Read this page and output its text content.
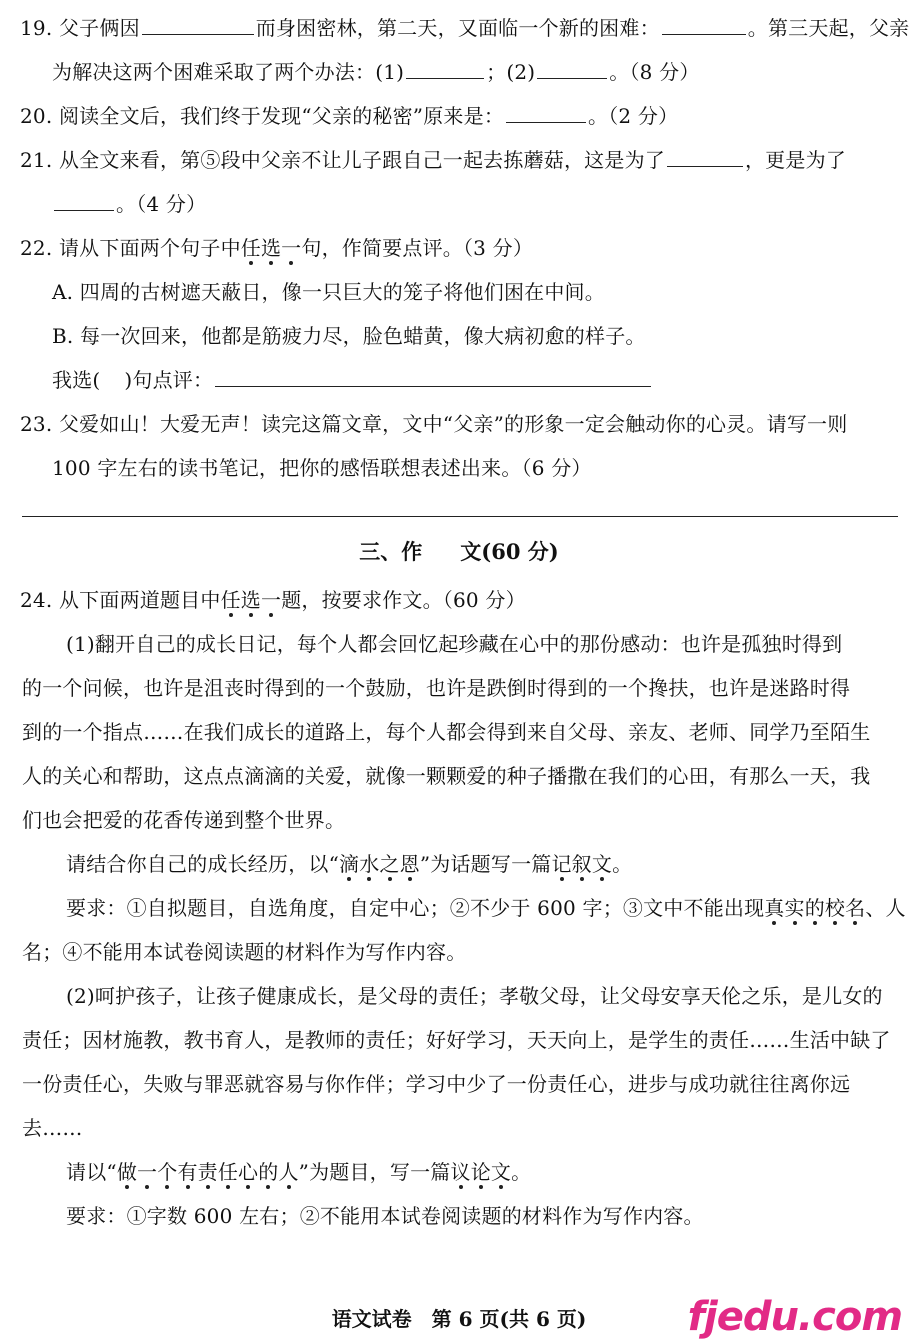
19. 父子俩因	而身困密林，第二天，又面临一个新的困难：	。第三天起，父亲
为解决这两个困难采取了两个办法：(1)	；(2)	。（8 分）
20. 阅读全文后，我们终于发现“父亲的秘密”原来是：	。（2 分）
21. 从全文来看，第⑤段中父亲不让儿子跟自己一起去拣蘑菇，这是为了	，更是为了
。（4 分）
22. 请从下面两个句子中任选一句，作简要点评。（3 分）
A. 四周的古树遮天蔽日，像一只巨大的笼子将他们困在中间。
B. 每一次回来，他都是筋疲力尽，脸色蜡黄，像大病初愈的样子。
我选( )句点评：
23. 父爱如山！大爱无声！读完这篇文章，文中“父亲”的形象一定会触动你的心灵。请写一则
100 字左右的读书笔记，把你的感悟联想表述出来。（6 分）
三、作 文(60 分)
24. 从下面两道题目中任选一题，按要求作文。（60 分）
(1)翻开自己的成长日记，每个人都会回忆起珍藏在心中的那份感动：也许是孤独时得到
的一个问候，也许是沮丧时得到的一个鼓励，也许是跌倒时得到的一个搀扶，也许是迷路时得
到的一个指点……在我们成长的道路上，每个人都会得到来自父母、亲友、老师、同学乃至陌生
人的关心和帮助，这点点滴滴的关爱，就像一颗颗爱的种子播撒在我们的心田，有那么一天，我
们也会把爱的花香传递到整个世界。
请结合你自己的成长经历，以“滴水之恩”为话题写一篇记叙文。
要求：①自拟题目，自选角度，自定中心；②不少于 600 字；③文中不能出现真实的校名、人
名；④不能用本试卷阅读题的材料作为写作内容。
(2)呵护孩子，让孩子健康成长，是父母的责任；孝敬父母，让父母安享天伦之乐，是儿女的
责任；因材施教，教书育人，是教师的责任；好好学习，天天向上，是学生的责任……生活中缺了
一份责任心，失败与罪恶就容易与你作伴；学习中少了一份责任心，进步与成功就往往离你远
去……
请以“做一个有责任心的人”为题目，写一篇议论文。
要求：①字数 600 左右；②不能用本试卷阅读题的材料作为写作内容。
语文试卷　第 6 页(共 6 页)	fjedu.com
